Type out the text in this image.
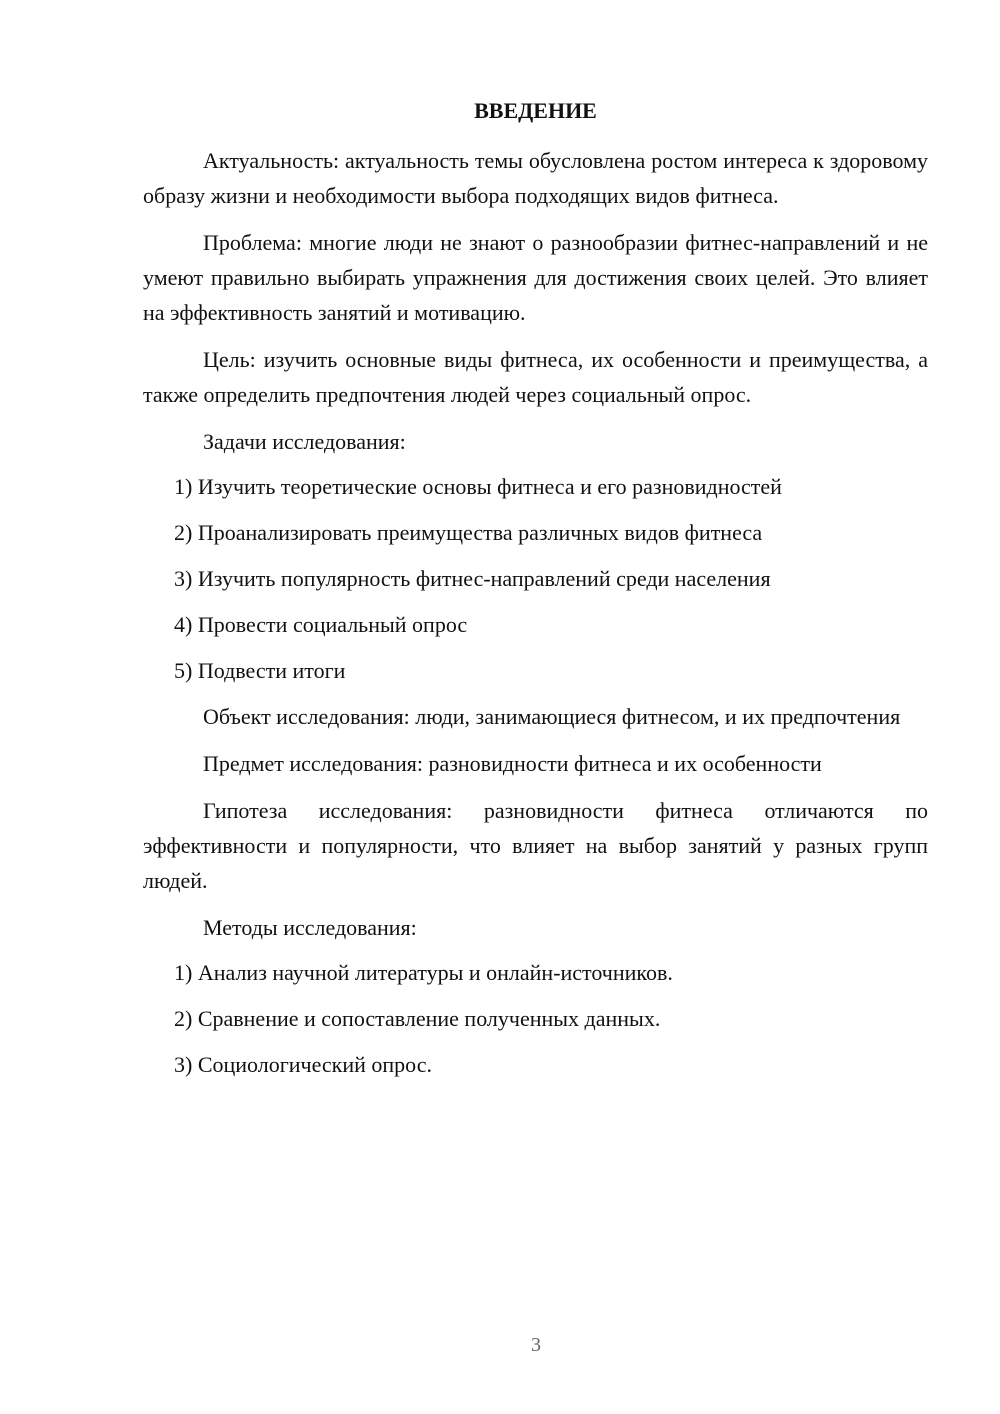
ВВЕДЕНИЕ

Актуальность: актуальность темы обусловлена ростом интереса к здоровому образу жизни и необходимости выбора подходящих видов фитнеса.

Проблема: многие люди не знают о разнообразии фитнес-направлений и не умеют правильно выбирать упражнения для достижения своих целей. Это влияет на эффективность занятий и мотивацию.

Цель: изучить основные виды фитнеса, их особенности и преимущества, а также определить предпочтения людей через социальный опрос.

Задачи исследования:

1) Изучить теоретические основы фитнеса и его разновидностей
2) Проанализировать преимущества различных видов фитнеса
3) Изучить популярность фитнес-направлений среди населения
4) Провести социальный опрос
5) Подвести итоги

Объект исследования: люди, занимающиеся фитнесом, и их предпочтения

Предмет исследования: разновидности фитнеса и их особенности

Гипотеза исследования: разновидности фитнеса отличаются по эффективности и популярности, что влияет на выбор занятий у разных групп людей.

Методы исследования:

1) Анализ научной литературы и онлайн-источников.
2) Сравнение и сопоставление полученных данных.
3) Социологический опрос.
3
